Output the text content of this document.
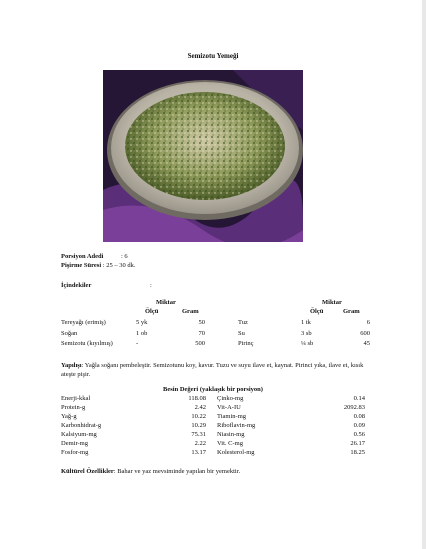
Semizotu Yemeği
Porsiyon Adedi	: 6
Pişirme Süresi : 25 – 30 dk.
İçindekiler	:
Miktar
Ölçü	Gram
Tereyağı (erimiş)	5 yk	50
Soğan	1 ob	70
Semizotu (kıyılmış)	-	500
Miktar
Ölçü	Gram
Tuz	1 tk	6
Su	3 sb	600
Pirinç	¼ sb	45
Yapılışı: Yağla soğanı pembeleştir. Semizotunu koy, kavur. Tuzu ve suyu ilave et, kaynat. Pirinci yıka, ilave et, kısık ateşte pişir.
Besin Değeri (yaklaşık bir porsiyon)
Enerji-kkal	118.08 Çinko-mg	0.14
Protein-g	2.42 Vit-A-IU	2092.83
Yağ-g	10.22 Tiamin-mg	0.08
Karbonhidrat-g	10.29 Riboflavin-mg	0.09
Kalsiyum-mg	75.31 Niasin-mg	0.56
Demir-mg	2.22 Vit. C-mg	26.17
Fosfor-mg	13.17 Kolesterol-mg	18.25
Kültürel Özellikler: Bahar ve yaz mevsiminde yapılan bir yemektir.
